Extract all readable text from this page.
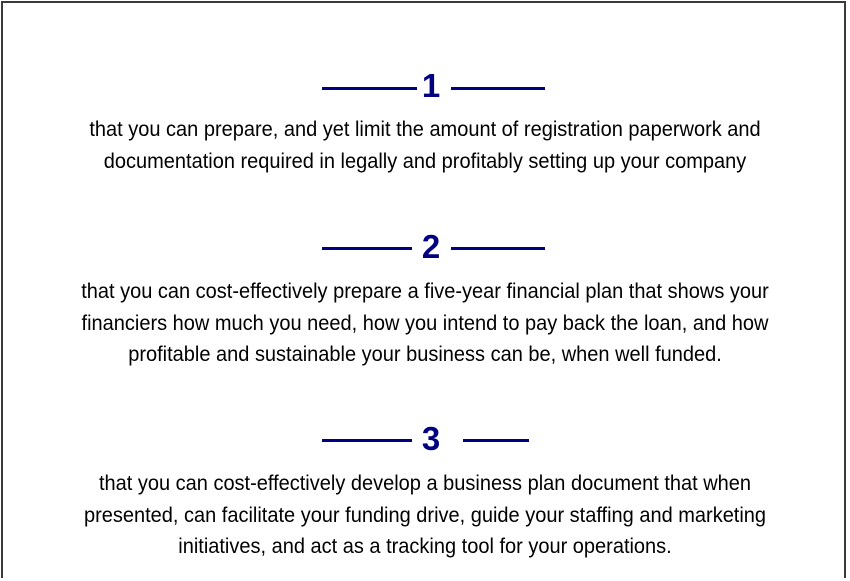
1
that you can prepare, and yet limit the amount of registration paperwork and
documentation required in legally and profitably setting up your company
2
that you can cost-effectively prepare a five-year financial plan that shows your
financiers how much you need, how you intend to pay back the loan, and how
profitable and sustainable your business can be, when well funded.
3
that you can cost-effectively develop a business plan document that when
presented, can facilitate your funding drive, guide your staffing and marketing
initiatives, and act as a tracking tool for your operations.
